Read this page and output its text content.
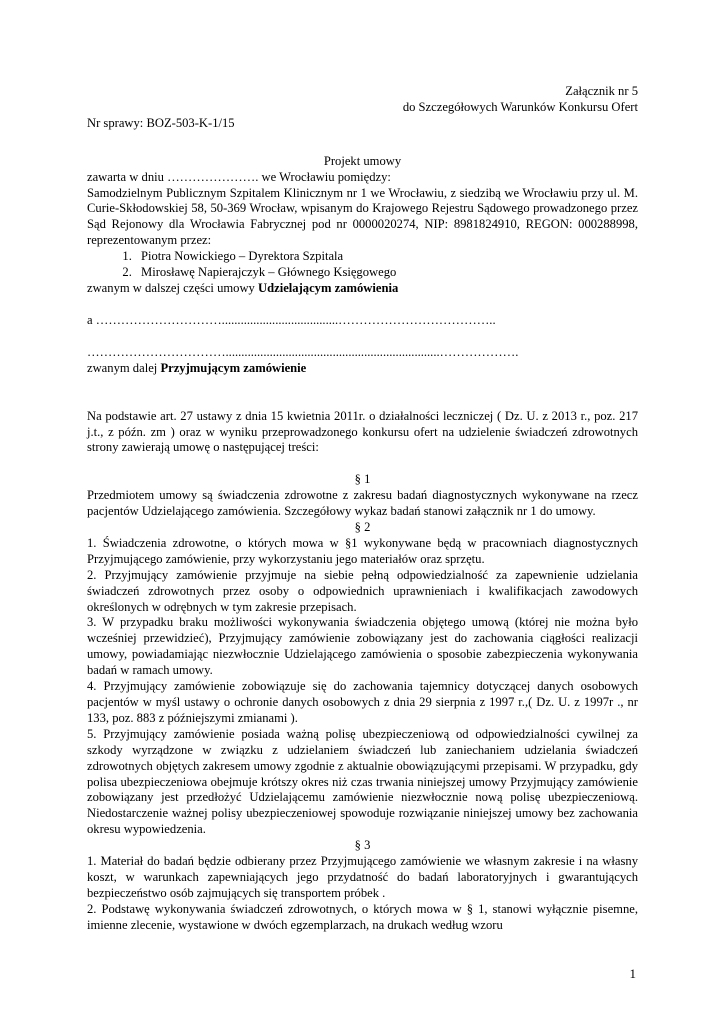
Załącznik nr 5

do Szczegółowych Warunków Konkursu Ofert

Nr sprawy: BOZ-503-K-1/15

Projekt umowy

zawarta w dniu …………………. we Wrocławiu pomiędzy:

Samodzielnym Publicznym Szpitalem Klinicznym nr 1 we Wrocławiu, z siedzibą we Wrocławiu przy ul. M. Curie-Skłodowskiej 58, 50-369 Wrocław, wpisanym do Krajowego Rejestru Sądowego prowadzonego przez Sąd Rejonowy dla Wrocławia Fabrycznej pod nr 0000020274, NIP: 8981824910, REGON: 000288998, reprezentowanym przez:

1. Piotra Nowickiego – Dyrektora Szpitala
2. Mirosławę Napierajczyk – Głównego Księgowego

zwanym w dalszej części umowy Udzielającym zamówienia

a ………………………….....................................………………………………..

……………………………....................................................................……………….

zwanym dalej Przyjmującym zamówienie

Na podstawie art. 27 ustawy z dnia 15 kwietnia 2011r. o działalności leczniczej ( Dz. U. z 2013 r., poz. 217 j.t., z późn. zm ) oraz w wyniku przeprowadzonego konkursu ofert na udzielenie świadczeń zdrowotnych strony zawierają umowę o następującej treści:

§ 1

Przedmiotem umowy są świadczenia zdrowotne z zakresu badań diagnostycznych wykonywane na rzecz pacjentów Udzielającego zamówienia. Szczegółowy wykaz badań stanowi załącznik nr 1 do umowy.

§ 2

1. Świadczenia zdrowotne, o których mowa w §1 wykonywane będą w pracowniach diagnostycznych Przyjmującego zamówienie, przy wykorzystaniu jego materiałów oraz sprzętu.

2. Przyjmujący zamówienie przyjmuje na siebie pełną odpowiedzialność za zapewnienie udzielania świadczeń zdrowotnych przez osoby o odpowiednich uprawnieniach i kwalifikacjach zawodowych określonych w odrębnych w tym zakresie przepisach.

3. W przypadku braku możliwości wykonywania świadczenia objętego umową (której nie można było wcześniej przewidzieć), Przyjmujący zamówienie zobowiązany jest do zachowania ciągłości realizacji umowy, powiadamiając niezwłocznie Udzielającego zamówienia o sposobie zabezpieczenia wykonywania badań w ramach umowy.

4. Przyjmujący zamówienie zobowiązuje się do zachowania tajemnicy dotyczącej danych osobowych pacjentów w myśl ustawy o ochronie danych osobowych z dnia 29 sierpnia z 1997 r.,( Dz. U. z 1997r ., nr 133, poz. 883 z późniejszymi zmianami ).

5. Przyjmujący zamówienie posiada ważną polisę ubezpieczeniową od odpowiedzialności cywilnej za szkody wyrządzone w związku z udzielaniem świadczeń lub zaniechaniem udzielania świadczeń zdrowotnych objętych zakresem umowy zgodnie z aktualnie obowiązującymi przepisami. W przypadku, gdy polisa ubezpieczeniowa obejmuje krótszy okres niż czas trwania niniejszej umowy Przyjmujący zamówienie zobowiązany jest przedłożyć Udzielającemu zamówienie niezwłocznie nową polisę ubezpieczeniową. Niedostarczenie ważnej polisy ubezpieczeniowej spowoduje rozwiązanie niniejszej umowy bez zachowania okresu wypowiedzenia.

§ 3

1. Materiał do badań będzie odbierany przez Przyjmującego zamówienie we własnym zakresie i na własny koszt, w warunkach zapewniających jego przydatność do badań laboratoryjnych i gwarantujących bezpieczeństwo osób zajmujących się transportem próbek .

2. Podstawę wykonywania świadczeń zdrowotnych, o których mowa w § 1, stanowi wyłącznie pisemne, imienne zlecenie, wystawione w dwóch egzemplarzach, na drukach według wzoru

1
